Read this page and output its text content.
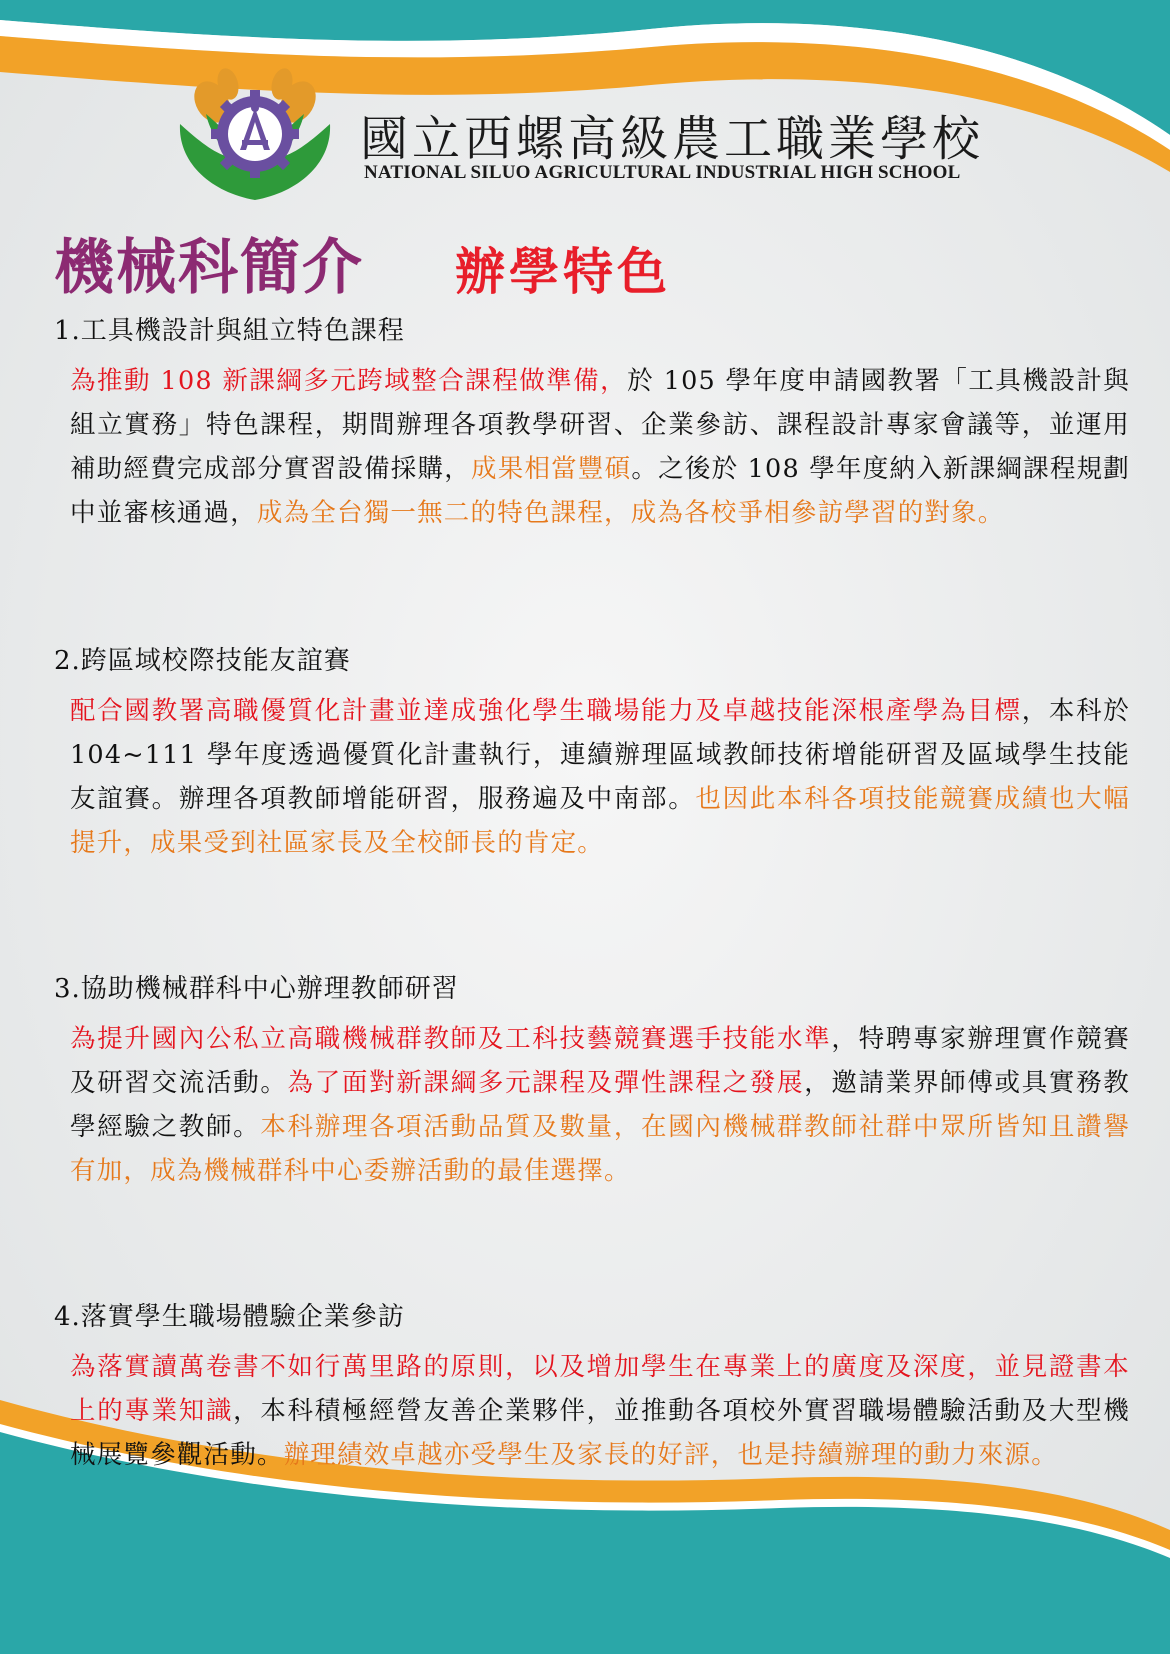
國立西螺高級農工職業學校
NATIONAL SILUO AGRICULTURAL INDUSTRIAL HIGH SCHOOL
機械科簡介 辦學特色
1.工具機設計與組立特色課程

為推動 108 新課綱多元跨域整合課程做準備，於 105 學年度申請國教署「工具機設計與組立實務」特色課程，期間辦理各項教學研習、企業參訪、課程設計專家會議等，並運用補助經費完成部分實習設備採購，成果相當豐碩。之後於 108 學年度納入新課綱課程規劃中並審核通過，成為全台獨一無二的特色課程，成為各校爭相參訪學習的對象。

2.跨區域校際技能友誼賽

配合國教署高職優質化計畫並達成強化學生職場能力及卓越技能深根產學為目標，本科於 104~111 學年度透過優質化計畫執行，連續辦理區域教師技術增能研習及區域學生技能友誼賽。辦理各項教師增能研習，服務遍及中南部。也因此本科各項技能競賽成績也大幅提升，成果受到社區家長及全校師長的肯定。

3.協助機械群科中心辦理教師研習

為提升國內公私立高職機械群教師及工科技藝競賽選手技能水準，特聘專家辦理實作競賽及研習交流活動。為了面對新課綱多元課程及彈性課程之發展，邀請業界師傅或具實務教學經驗之教師。本科辦理各項活動品質及數量，在國內機械群教師社群中眾所皆知且讚譽有加，成為機械群科中心委辦活動的最佳選擇。

4.落實學生職場體驗企業參訪

為落實讀萬卷書不如行萬里路的原則，以及增加學生在專業上的廣度及深度，並見證書本上的專業知識，本科積極經營友善企業夥伴，並推動各項校外實習職場體驗活動及大型機械展覽參觀活動。辦理績效卓越亦受學生及家長的好評，也是持續辦理的動力來源。
